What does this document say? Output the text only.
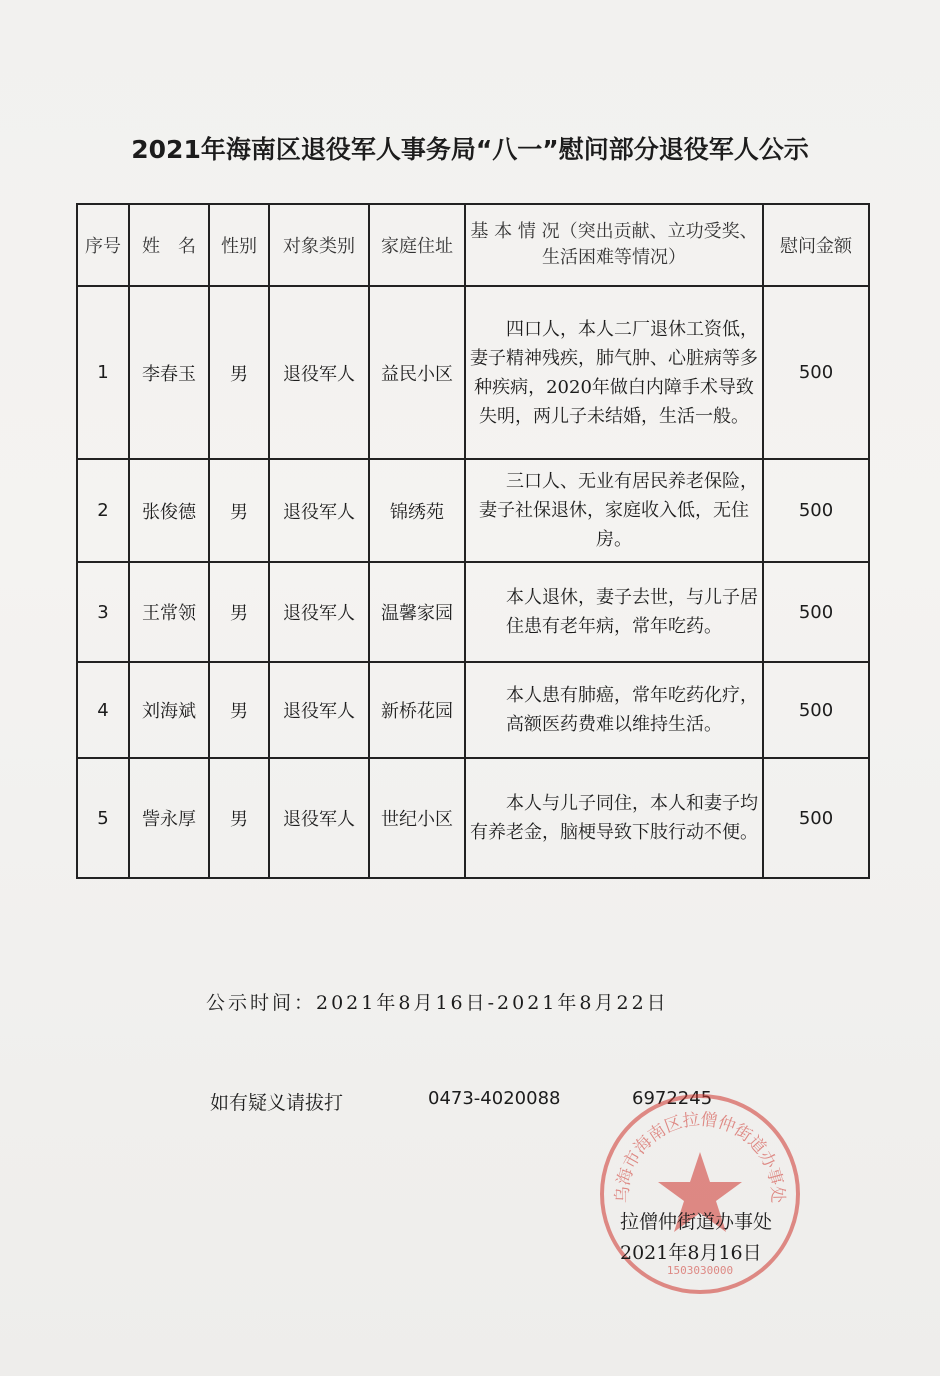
2021年海南区退役军人事务局“八一”慰问部分退役军人公示
序号	姓　名	性别	对象类别	家庭住址	基 本 情 况（突出贡献、立功受奖、生活困难等情况）	慰问金额
1	李春玉	男	退役军人	益民小区	四口人，本人二厂退休工资低，妻子精神残疾，肺气肿、心脏病等多种疾病，2020年做白内障手术导致失明，两儿子未结婚，生活一般。	500
2	张俊德	男	退役军人	锦绣苑	三口人、无业有居民养老保险，妻子社保退休，家庭收入低，无住房。	500
3	王常领	男	退役军人	温馨家园	本人退休，妻子去世，与儿子居住患有老年病，常年吃药。	500
4	刘海斌	男	退役军人	新桥花园	本人患有肺癌，常年吃药化疗，高额医药费难以维持生活。	500
5	訾永厚	男	退役军人	世纪小区	本人与儿子同住，本人和妻子均有养老金，脑梗导致下肢行动不便。	500
公示时间：2021年8月16日-2021年8月22日
如有疑义请拔打	0473-4020088	6972245
乌海市海南区拉僧仲街道办事处
1503030000
拉僧仲街道办事处
2021年8月16日
